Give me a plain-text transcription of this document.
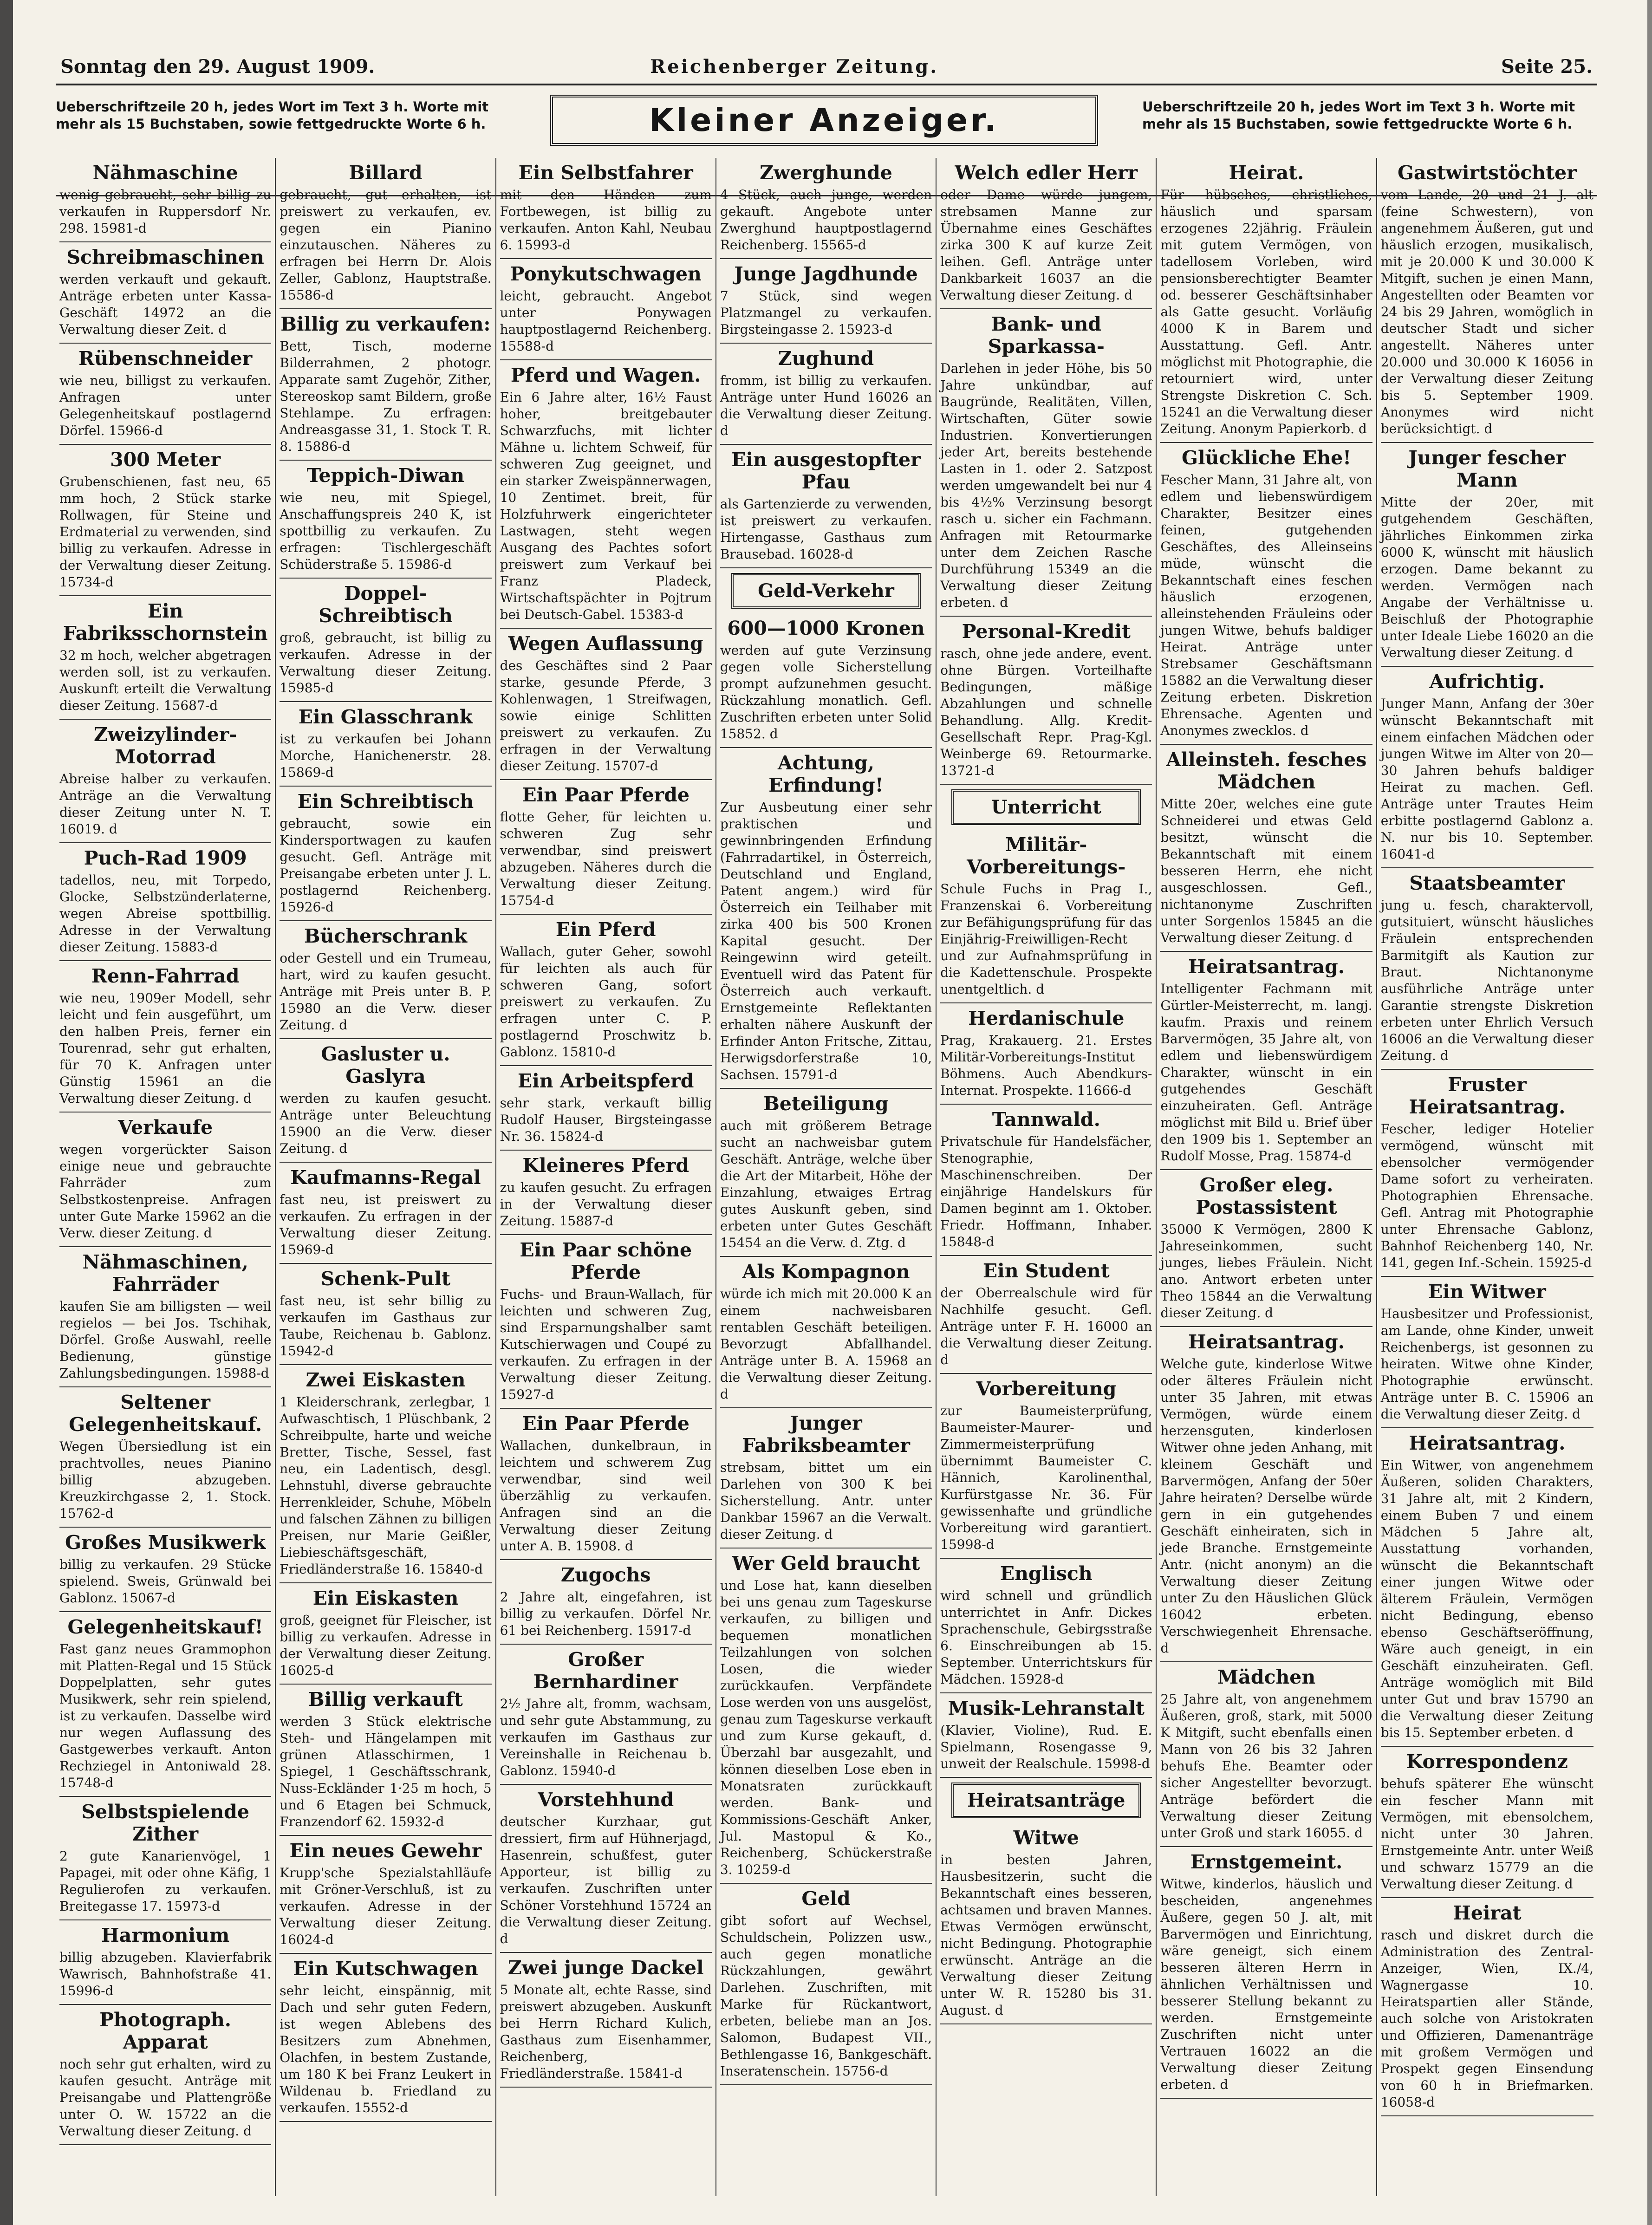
Sonntag den 29. August 1909.	Reichenberger Zeitung.	Seite 25.
Ueberschriftzeile 20 h, jedes Wort im Text 3 h. Worte mit mehr als 15 Buchstaben, sowie fettgedruckte Worte 6 h.	Kleiner Anzeiger.	Ueberschriftzeile 20 h, jedes Wort im Text 3 h. Worte mit mehr als 15 Buchstaben, sowie fettgedruckte Worte 6 h.
Nähmaschine

wenig gebraucht, sehr billig zu verkaufen in Ruppersdorf Nr. 298. 15981-d

Schreibmaschinen

werden verkauft und gekauft. Anträge erbeten unter Kassa-Geschäft 14972 an die Verwaltung dieser Zeit. d

Rübenschneider

wie neu, billigst zu verkaufen. Anfragen unter Gelegenheitskauf postlagernd Dörfel. 15966-d

300 Meter

Grubenschienen, fast neu, 65 mm hoch, 2 Stück starke Rollwagen, für Steine und Erdmaterial zu verwenden, sind billig zu verkaufen. Adresse in der Verwaltung dieser Zeitung. 15734-d

Ein Fabriksschornstein

32 m hoch, welcher abgetragen werden soll, ist zu verkaufen. Auskunft erteilt die Verwaltung dieser Zeitung. 15687-d

Zweizylinder-Motorrad

Abreise halber zu verkaufen. Anträge an die Verwaltung dieser Zeitung unter N. T. 16019. d

Puch-Rad 1909

tadellos, neu, mit Torpedo, Glocke, Selbstzünderlaterne, wegen Abreise spottbillig. Adresse in der Verwaltung dieser Zeitung. 15883-d

Renn-Fahrrad

wie neu, 1909er Modell, sehr leicht und fein ausgeführt, um den halben Preis, ferner ein Tourenrad, sehr gut erhalten, für 70 K. Anfragen unter Günstig 15961 an die Verwaltung dieser Zeitung. d

Verkaufe

wegen vorgerückter Saison einige neue und gebrauchte Fahrräder zum Selbstkostenpreise. Anfragen unter Gute Marke 15962 an die Verw. dieser Zeitung. d

Nähmaschinen, Fahrräder

kaufen Sie am billigsten — weil regielos — bei Jos. Tschihak, Dörfel. Große Auswahl, reelle Bedienung, günstige Zahlungsbedingungen. 15988-d

Seltener Gelegenheitskauf.

Wegen Übersiedlung ist ein prachtvolles, neues Pianino billig abzugeben. Kreuzkirchgasse 2, 1. Stock. 15762-d

Großes Musikwerk

billig zu verkaufen. 29 Stücke spielend. Sweis, Grünwald bei Gablonz. 15067-d

Gelegenheitskauf!

Fast ganz neues Grammophon mit Platten-Regal und 15 Stück Doppelplatten, sehr gutes Musikwerk, sehr rein spielend, ist zu verkaufen. Dasselbe wird nur wegen Auflassung des Gastgewerbes verkauft. Anton Rechziegel in Antoniwald 28. 15748-d

Selbstspielende Zither

2 gute Kanarienvögel, 1 Papagei, mit oder ohne Käfig, 1 Regulierofen zu verkaufen. Breitegasse 17. 15973-d

Harmonium

billig abzugeben. Klavierfabrik Wawrisch, Bahnhofstraße 41. 15996-d

Photograph. Apparat

noch sehr gut erhalten, wird zu kaufen gesucht. Anträge mit Preisangabe und Plattengröße unter O. W. 15722 an die Verwaltung dieser Zeitung. d

Billard

gebraucht, gut erhalten, ist preiswert zu verkaufen, ev. gegen ein Pianino einzutauschen. Näheres zu erfragen bei Herrn Dr. Alois Zeller, Gablonz, Hauptstraße. 15586-d

Billig zu verkaufen:

Bett, Tisch, moderne Bilderrahmen, 2 photogr. Apparate samt Zugehör, Zither, Stereoskop samt Bildern, große Stehlampe. Zu erfragen: Andreasgasse 31, 1. Stock T. R. 8. 15886-d

Teppich-Diwan

wie neu, mit Spiegel, Anschaffungspreis 240 K, ist spottbillig zu verkaufen. Zu erfragen: Tischlergeschäft Schüderstraße 5. 15986-d

Doppel-Schreibtisch

groß, gebraucht, ist billig zu verkaufen. Adresse in der Verwaltung dieser Zeitung. 15985-d

Ein Glasschrank

ist zu verkaufen bei Johann Morche, Hanichenerstr. 28. 15869-d

Ein Schreibtisch

gebraucht, sowie ein Kindersportwagen zu kaufen gesucht. Gefl. Anträge mit Preisangabe erbeten unter J. L. postlagernd Reichenberg. 15926-d

Bücherschrank

oder Gestell und ein Trumeau, hart, wird zu kaufen gesucht. Anträge mit Preis unter B. P. 15980 an die Verw. dieser Zeitung. d

Gasluster u. Gaslyra

werden zu kaufen gesucht. Anträge unter Beleuchtung 15900 an die Verw. dieser Zeitung. d

Kaufmanns-Regal

fast neu, ist preiswert zu verkaufen. Zu erfragen in der Verwaltung dieser Zeitung. 15969-d

Schenk-Pult

fast neu, ist sehr billig zu verkaufen im Gasthaus zur Taube, Reichenau b. Gablonz. 15942-d

Zwei Eiskasten

1 Kleiderschrank, zerlegbar, 1 Aufwaschtisch, 1 Plüschbank, 2 Schreibpulte, harte und weiche Bretter, Tische, Sessel, fast neu, ein Ladentisch, desgl. Lehnstuhl, diverse gebrauchte Herrenkleider, Schuhe, Möbeln und falschen Zähnen zu billigen Preisen, nur Marie Geißler, Liebieschäftsgeschäft, Friedländerstraße 16. 15840-d

Ein Eiskasten

groß, geeignet für Fleischer, ist billig zu verkaufen. Adresse in der Verwaltung dieser Zeitung. 16025-d

Billig verkauft

werden 3 Stück elektrische Steh- und Hängelampen mit grünen Atlasschirmen, 1 Spiegel, 1 Geschäftsschrank, Nuss-Eckländer 1·25 m hoch, 5 und 6 Etagen bei Schmuck, Franzendorf 62. 15932-d

Ein neues Gewehr

Krupp'sche Spezialstahlläufe mit Gröner-Verschluß, ist zu verkaufen. Adresse in der Verwaltung dieser Zeitung. 16024-d

Ein Kutschwagen

sehr leicht, einspännig, mit Dach und sehr guten Federn, ist wegen Ablebens des Besitzers zum Abnehmen, Olachfen, in bestem Zustande, um 180 K bei Franz Leukert in Wildenau b. Friedland zu verkaufen. 15552-d

Ein Selbstfahrer

mit den Händen zum Fortbewegen, ist billig zu verkaufen. Anton Kahl, Neubau 6. 15993-d

Ponykutschwagen

leicht, gebraucht. Angebot unter Ponywagen hauptpostlagernd Reichenberg. 15588-d

Pferd und Wagen.

Ein 6 Jahre alter, 16½ Faust hoher, breitgebauter Schwarzfuchs, mit lichter Mähne u. lichtem Schweif, für schweren Zug geeignet, und ein starker Zweispännerwagen, 10 Zentimet. breit, für Holzfuhrwerk eingerichteter Lastwagen, steht wegen Ausgang des Pachtes sofort preiswert zum Verkauf bei Franz Pladeck, Wirtschaftspächter in Pojtrum bei Deutsch-Gabel. 15383-d

Wegen Auflassung

des Geschäftes sind 2 Paar starke, gesunde Pferde, 3 Kohlenwagen, 1 Streifwagen, sowie einige Schlitten preiswert zu verkaufen. Zu erfragen in der Verwaltung dieser Zeitung. 15707-d

Ein Paar Pferde

flotte Geher, für leichten u. schweren Zug sehr verwendbar, sind preiswert abzugeben. Näheres durch die Verwaltung dieser Zeitung. 15754-d

Ein Pferd

Wallach, guter Geher, sowohl für leichten als auch für schweren Gang, sofort preiswert zu verkaufen. Zu erfragen unter C. P. postlagernd Proschwitz b. Gablonz. 15810-d

Ein Arbeitspferd

sehr stark, verkauft billig Rudolf Hauser, Birgsteingasse Nr. 36. 15824-d

Kleineres Pferd

zu kaufen gesucht. Zu erfragen in der Verwaltung dieser Zeitung. 15887-d

Ein Paar schöne Pferde

Fuchs- und Braun-Wallach, für leichten und schweren Zug, sind Ersparnungshalber samt Kutschierwagen und Coupé zu verkaufen. Zu erfragen in der Verwaltung dieser Zeitung. 15927-d

Ein Paar Pferde

Wallachen, dunkelbraun, in leichtem und schwerem Zug verwendbar, sind weil überzählig zu verkaufen. Anfragen sind an die Verwaltung dieser Zeitung unter A. B. 15908. d

Zugochs

2 Jahre alt, eingefahren, ist billig zu verkaufen. Dörfel Nr. 61 bei Reichenberg. 15917-d

Großer Bernhardiner

2½ Jahre alt, fromm, wachsam, und sehr gute Abstammung, zu verkaufen im Gasthaus zur Vereinshalle in Reichenau b. Gablonz. 15940-d

Vorstehhund

deutscher Kurzhaar, gut dressiert, firm auf Hühnerjagd, Hasenrein, schußfest, guter Apporteur, ist billig zu verkaufen. Zuschriften unter Schöner Vorstehhund 15724 an die Verwaltung dieser Zeitung. d

Zwei junge Dackel

5 Monate alt, echte Rasse, sind preiswert abzugeben. Auskunft bei Herrn Richard Kulich, Gasthaus zum Eisenhammer, Reichenberg, Friedländerstraße. 15841-d

Zwerghunde

4 Stück, auch junge, werden gekauft. Angebote unter Zwerghund hauptpostlagernd Reichenberg. 15565-d

Junge Jagdhunde

7 Stück, sind wegen Platzmangel zu verkaufen. Birgsteingasse 2. 15923-d

Zughund

fromm, ist billig zu verkaufen. Anträge unter Hund 16026 an die Verwaltung dieser Zeitung. d

Ein ausgestopfter Pfau

als Gartenzierde zu verwenden, ist preiswert zu verkaufen. Hirtengasse, Gasthaus zum Brausebad. 16028-d

Geld-Verkehr
600—1000 Kronen

werden auf gute Verzinsung gegen volle Sicherstellung prompt aufzunehmen gesucht. Rückzahlung monatlich. Gefl. Zuschriften erbeten unter Solid 15852. d

Achtung, Erfindung!

Zur Ausbeutung einer sehr praktischen und gewinnbringenden Erfindung (Fahrradartikel, in Österreich, Deutschland und England, Patent angem.) wird für Österreich ein Teilhaber mit zirka 400 bis 500 Kronen Kapital gesucht. Der Reingewinn wird geteilt. Eventuell wird das Patent für Österreich auch verkauft. Ernstgemeinte Reflektanten erhalten nähere Auskunft der Erfinder Anton Fritsche, Zittau, Herwigsdorferstraße 10, Sachsen. 15791-d

Beteiligung

auch mit größerem Betrage sucht an nachweisbar gutem Geschäft. Anträge, welche über die Art der Mitarbeit, Höhe der Einzahlung, etwaiges Ertrag gutes Auskunft geben, sind erbeten unter Gutes Geschäft 15454 an die Verw. d. Ztg. d

Als Kompagnon

würde ich mich mit 20.000 K an einem nachweisbaren rentablen Geschäft beteiligen. Bevorzugt Abfallhandel. Anträge unter B. A. 15968 an die Verwaltung dieser Zeitung. d

Junger Fabriksbeamter

strebsam, bittet um ein Darlehen von 300 K bei Sicherstellung. Antr. unter Dankbar 15967 an die Verwalt. dieser Zeitung. d

Wer Geld braucht

und Lose hat, kann dieselben bei uns genau zum Tageskurse verkaufen, zu billigen und bequemen monatlichen Teilzahlungen von solchen Losen, die wieder zurückkaufen. Verpfändete Lose werden von uns ausgelöst, genau zum Tageskurse verkauft und zum Kurse gekauft, d. Überzahl bar ausgezahlt, und können dieselben Lose eben in Monatsraten zurückkauft werden. Bank- und Kommissions-Geschäft Anker, Jul. Mastopul & Ko., Reichenberg, Schückerstraße 3. 10259-d

Geld

gibt sofort auf Wechsel, Schuldschein, Polizzen usw., auch gegen monatliche Rückzahlungen, gewährt Darlehen. Zuschriften, mit Marke für Rückantwort, erbeten, beliebe man an Jos. Salomon, Budapest VII., Bethlengasse 16, Bankgeschäft. Inseratenschein. 15756-d

Welch edler Herr

oder Dame würde jungem, strebsamen Manne zur Übernahme eines Geschäftes zirka 300 K auf kurze Zeit leihen. Gefl. Anträge unter Dankbarkeit 16037 an die Verwaltung dieser Zeitung. d

Bank- und Sparkassa-

Darlehen in jeder Höhe, bis 50 Jahre unkündbar, auf Baugründe, Realitäten, Villen, Wirtschaften, Güter sowie Industrien. Konvertierungen jeder Art, bereits bestehende Lasten in 1. oder 2. Satzpost werden umgewandelt bei nur 4 bis 4½% Verzinsung besorgt rasch u. sicher ein Fachmann. Anfragen mit Retourmarke unter dem Zeichen Rasche Durchführung 15349 an die Verwaltung dieser Zeitung erbeten. d

Personal-Kredit

rasch, ohne jede andere, event. ohne Bürgen. Vorteilhafte Bedingungen, mäßige Abzahlungen und schnelle Behandlung. Allg. Kredit-Gesellschaft Repr. Prag-Kgl. Weinberge 69. Retourmarke. 13721-d

Unterricht
Militär-Vorbereitungs-

Schule Fuchs in Prag I., Franzenskai 6. Vorbereitung zur Befähigungsprüfung für das Einjährig-Freiwilligen-Recht und zur Aufnahmsprüfung in die Kadettenschule. Prospekte unentgeltlich. d

Herdanischule

Prag, Krakauerg. 21. Erstes Militär-Vorbereitungs-Institut Böhmens. Auch Abendkurs-Internat. Prospekte. 11666-d

Tannwald.

Privatschule für Handelsfächer, Stenographie, Maschinenschreiben. Der einjährige Handelskurs für Damen beginnt am 1. Oktober. Friedr. Hoffmann, Inhaber. 15848-d

Ein Student

der Oberrealschule wird für Nachhilfe gesucht. Gefl. Anträge unter F. H. 16000 an die Verwaltung dieser Zeitung. d

Vorbereitung

zur Baumeisterprüfung, Baumeister-Maurer- und Zimmermeisterprüfung übernimmt Baumeister C. Hännich, Karolinenthal, Kurfürstgasse Nr. 36. Für gewissenhafte und gründliche Vorbereitung wird garantiert. 15998-d

Englisch

wird schnell und gründlich unterrichtet in Anfr. Dickes Sprachenschule, Gebirgsstraße 6. Einschreibungen ab 15. September. Unterrichtskurs für Mädchen. 15928-d

Musik-Lehranstalt

(Klavier, Violine), Rud. E. Spielmann, Rosengasse 9, unweit der Realschule. 15998-d

Heiratsanträge
Witwe

in besten Jahren, Hausbesitzerin, sucht die Bekanntschaft eines besseren, achtsamen und braven Mannes. Etwas Vermögen erwünscht, nicht Bedingung. Photographie erwünscht. Anträge an die Verwaltung dieser Zeitung unter W. R. 15280 bis 31. August. d

Heirat.

Für hübsches, christliches, häuslich und sparsam erzogenes 22jährig. Fräulein mit gutem Vermögen, von tadellosem Vorleben, wird pensionsberechtigter Beamter od. besserer Geschäftsinhaber als Gatte gesucht. Vorläufig 4000 K in Barem und Ausstattung. Gefl. Antr. möglichst mit Photographie, die retourniert wird, unter Strengste Diskretion C. Sch. 15241 an die Verwaltung dieser Zeitung. Anonym Papierkorb. d

Glückliche Ehe!

Fescher Mann, 31 Jahre alt, von edlem und liebenswürdigem Charakter, Besitzer eines feinen, gutgehenden Geschäftes, des Alleinseins müde, wünscht die Bekanntschaft eines feschen häuslich erzogenen, alleinstehenden Fräuleins oder jungen Witwe, behufs baldiger Heirat. Anträge unter Strebsamer Geschäftsmann 15882 an die Verwaltung dieser Zeitung erbeten. Diskretion Ehrensache. Agenten und Anonymes zwecklos. d

Alleinsteh. fesches Mädchen

Mitte 20er, welches eine gute Schneiderei und etwas Geld besitzt, wünscht die Bekanntschaft mit einem besseren Herrn, ehe nicht ausgeschlossen. Gefl., nichtanonyme Zuschriften unter Sorgenlos 15845 an die Verwaltung dieser Zeitung. d

Heiratsantrag.

Intelligenter Fachmann mit Gürtler-Meisterrecht, m. langj. kaufm. Praxis und reinem Barvermögen, 35 Jahre alt, von edlem und liebenswürdigem Charakter, wünscht in ein gutgehendes Geschäft einzuheiraten. Gefl. Anträge möglichst mit Bild u. Brief über den 1909 bis 1. September an Rudolf Mosse, Prag. 15874-d

Großer eleg. Postassistent

35000 K Vermögen, 2800 K Jahreseinkommen, sucht junges, liebes Fräulein. Nicht ano. Antwort erbeten unter Theo 15844 an die Verwaltung dieser Zeitung. d

Heiratsantrag.

Welche gute, kinderlose Witwe oder älteres Fräulein nicht unter 35 Jahren, mit etwas Vermögen, würde einem herzensguten, kinderlosen Witwer ohne jeden Anhang, mit kleinem Geschäft und Barvermögen, Anfang der 50er Jahre heiraten? Derselbe würde gern in ein gutgehendes Geschäft einheiraten, sich in jede Branche. Ernstgemeinte Antr. (nicht anonym) an die Verwaltung dieser Zeitung unter Zu den Häuslichen Glück 16042 erbeten. Verschwiegenheit Ehrensache. d

Mädchen

25 Jahre alt, von angenehmem Äußeren, groß, stark, mit 5000 K Mitgift, sucht ebenfalls einen Mann von 26 bis 32 Jahren behufs Ehe. Beamter oder sicher Angestellter bevorzugt. Anträge befördert die Verwaltung dieser Zeitung unter Groß und stark 16055. d

Ernstgemeint.

Witwe, kinderlos, häuslich und bescheiden, angenehmes Äußere, gegen 50 J. alt, mit Barvermögen und Einrichtung, wäre geneigt, sich einem besseren älteren Herrn in ähnlichen Verhältnissen und besserer Stellung bekannt zu werden. Ernstgemeinte Zuschriften nicht unter Vertrauen 16022 an die Verwaltung dieser Zeitung erbeten. d

Gastwirtstöchter

vom Lande, 20 und 21 J. alt (feine Schwestern), von angenehmem Äußeren, gut und häuslich erzogen, musikalisch, mit je 20.000 K und 30.000 K Mitgift, suchen je einen Mann, Angestellten oder Beamten vor 24 bis 29 Jahren, womöglich in deutscher Stadt und sicher angestellt. Näheres unter 20.000 und 30.000 K 16056 in der Verwaltung dieser Zeitung bis 5. September 1909. Anonymes wird nicht berücksichtigt. d

Junger fescher Mann

Mitte der 20er, mit gutgehendem Geschäften, jährliches Einkommen zirka 6000 K, wünscht mit häuslich erzogen. Dame bekannt zu werden. Vermögen nach Angabe der Verhältnisse u. Beischluß der Photographie unter Ideale Liebe 16020 an die Verwaltung dieser Zeitung. d

Aufrichtig.

Junger Mann, Anfang der 30er wünscht Bekanntschaft mit einem einfachen Mädchen oder jungen Witwe im Alter von 20—30 Jahren behufs baldiger Heirat zu machen. Gefl. Anträge unter Trautes Heim erbitte postlagernd Gablonz a. N. nur bis 10. September. 16041-d

Staatsbeamter

jung u. fesch, charaktervoll, gutsituiert, wünscht häusliches Fräulein entsprechenden Barmitgift als Kaution zur Braut. Nichtanonyme ausführliche Anträge unter Garantie strengste Diskretion erbeten unter Ehrlich Versuch 16006 an die Verwaltung dieser Zeitung. d

Fruster Heiratsantrag.

Fescher, lediger Hotelier vermögend, wünscht mit ebensolcher vermögender Dame sofort zu verheiraten. Photographien Ehrensache. Gefl. Antrag mit Photographie unter Ehrensache Gablonz, Bahnhof Reichenberg 140, Nr. 141, gegen Inf.-Schein. 15925-d

Ein Witwer

Hausbesitzer und Professionist, am Lande, ohne Kinder, unweit Reichenbergs, ist gesonnen zu heiraten. Witwe ohne Kinder, Photographie erwünscht. Anträge unter B. C. 15906 an die Verwaltung dieser Zeitg. d

Heiratsantrag.

Ein Witwer, von angenehmem Äußeren, soliden Charakters, 31 Jahre alt, mit 2 Kindern, einem Buben 7 und einem Mädchen 5 Jahre alt, Ausstattung vorhanden, wünscht die Bekanntschaft einer jungen Witwe oder älterem Fräulein, Vermögen nicht Bedingung, ebenso ebenso Geschäftseröffnung, Wäre auch geneigt, in ein Geschäft einzuheiraten. Gefl. Anträge womöglich mit Bild unter Gut und brav 15790 an die Verwaltung dieser Zeitung bis 15. September erbeten. d

Korrespondenz

behufs späterer Ehe wünscht ein fescher Mann mit Vermögen, mit ebensolchem, nicht unter 30 Jahren. Ernstgemeinte Antr. unter Weiß und schwarz 15779 an die Verwaltung dieser Zeitung. d

Heirat

rasch und diskret durch die Administration des Zentral-Anzeiger, Wien, IX./4, Wagnergasse 10. Heiratspartien aller Stände, auch solche von Aristokraten und Offizieren, Damenanträge mit großem Vermögen und Prospekt gegen Einsendung von 60 h in Briefmarken. 16058-d
